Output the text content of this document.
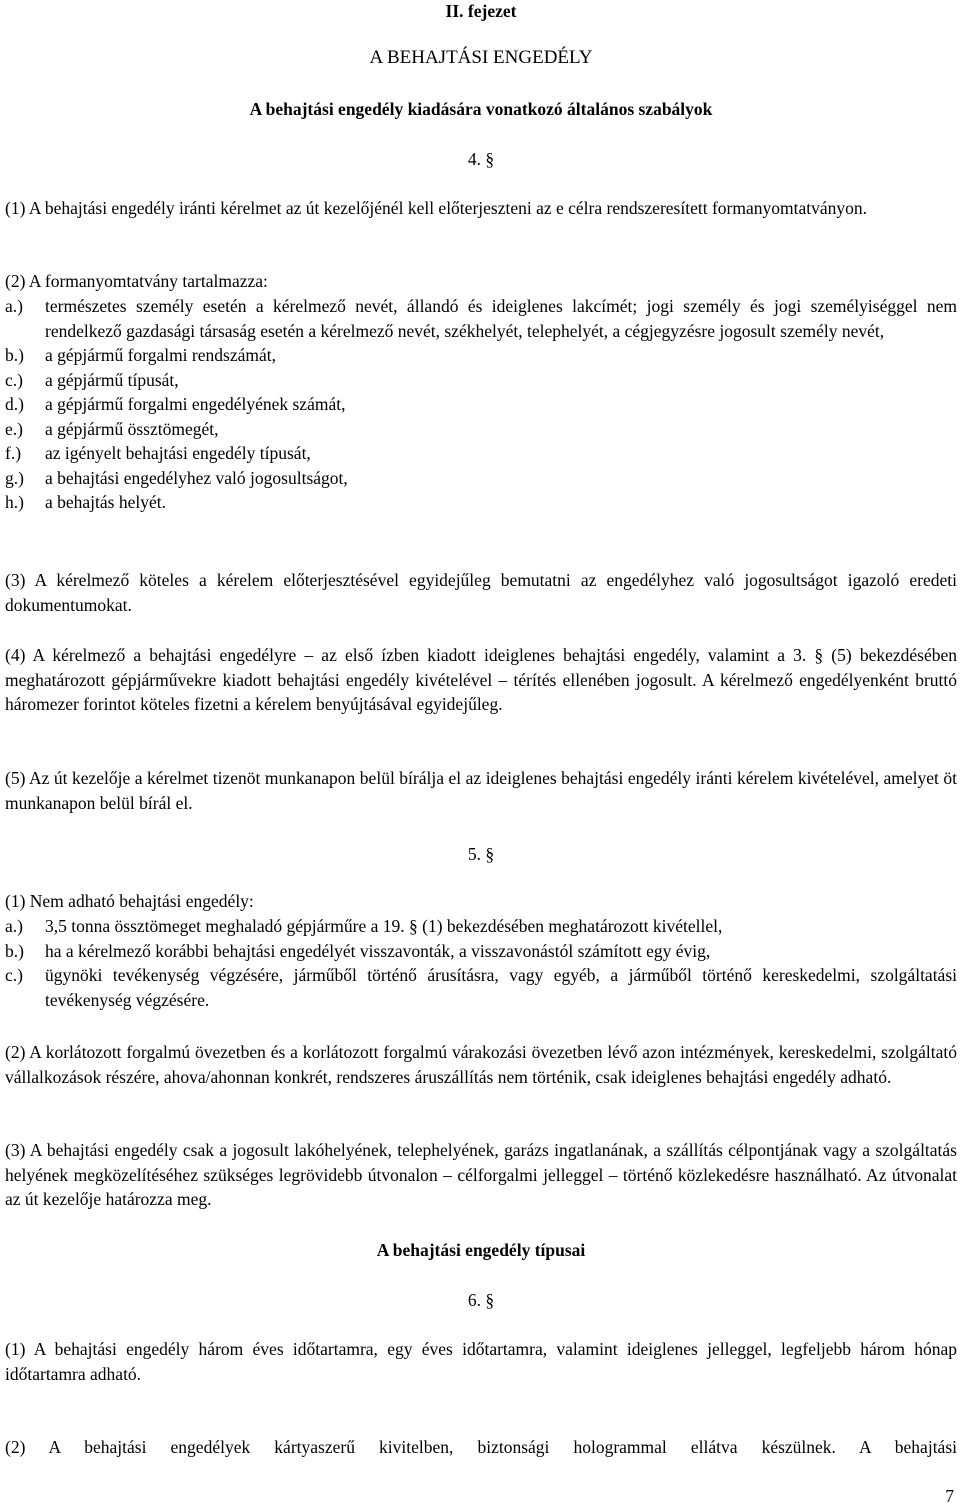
II. fejezet

A BEHAJTÁSI ENGEDÉLY

A behajtási engedély kiadására vonatkozó általános szabályok

4. §

(1) A behajtási engedély iránti kérelmet az út kezelőjénél kell előterjeszteni az e célra rendszeresített formanyomtatványon.

(2) A formanyomtatvány tartalmazza:

a.)	természetes személy esetén a kérelmező nevét, állandó és ideiglenes lakcímét; jogi személy és jogi személyiséggel nem rendelkező gazdasági társaság esetén a kérelmező nevét, székhelyét, telephelyét, a cégjegyzésre jogosult személy nevét,
b.)	a gépjármű forgalmi rendszámát,
c.)	a gépjármű típusát,
d.)	a gépjármű forgalmi engedélyének számát,
e.)	a gépjármű össztömegét,
f.)	az igényelt behajtási engedély típusát,
g.)	a behajtási engedélyhez való jogosultságot,
h.)	a behajtás helyét.

(3) A kérelmező köteles a kérelem előterjesztésével egyidejűleg bemutatni az engedélyhez való jogosultságot igazoló eredeti dokumentumokat.

(4) A kérelmező a behajtási engedélyre – az első ízben kiadott ideiglenes behajtási engedély, valamint a 3. § (5) bekezdésében meghatározott gépjárművekre kiadott behajtási engedély kivételével – térítés ellenében jogosult. A kérelmező engedélyenként bruttó háromezer forintot köteles fizetni a kérelem benyújtásával egyidejűleg.

(5) Az út kezelője a kérelmet tizenöt munkanapon belül bírálja el az ideiglenes behajtási engedély iránti kérelem kivételével, amelyet öt munkanapon belül bírál el.

5. §

(1) Nem adható behajtási engedély:

a.)	3,5 tonna össztömeget meghaladó gépjárműre a 19. § (1) bekezdésében meghatározott kivétellel,
b.)	ha a kérelmező korábbi behajtási engedélyét visszavonták, a visszavonástól számított egy évig,
c.)	ügynöki tevékenység végzésére, járműből történő árusításra, vagy egyéb, a járműből történő kereskedelmi, szolgáltatási tevékenység végzésére.

(2) A korlátozott forgalmú övezetben és a korlátozott forgalmú várakozási övezetben lévő azon intézmények, kereskedelmi, szolgáltató vállalkozások részére, ahova/ahonnan konkrét, rendszeres áruszállítás nem történik, csak ideiglenes behajtási engedély adható.

(3) A behajtási engedély csak a jogosult lakóhelyének, telephelyének, garázs ingatlanának, a szállítás célpontjának vagy a szolgáltatás helyének megközelítéséhez szükséges legrövidebb útvonalon – célforgalmi jelleggel – történő közlekedésre használható. Az útvonalat az út kezelője határozza meg.

A behajtási engedély típusai

6. §

(1) A behajtási engedély három éves időtartamra, egy éves időtartamra, valamint ideiglenes jelleggel, legfeljebb három hónap időtartamra adható.

(2) A behajtási engedélyek kártyaszerű kivitelben, biztonsági hologrammal ellátva készülnek. A behajtási

7
